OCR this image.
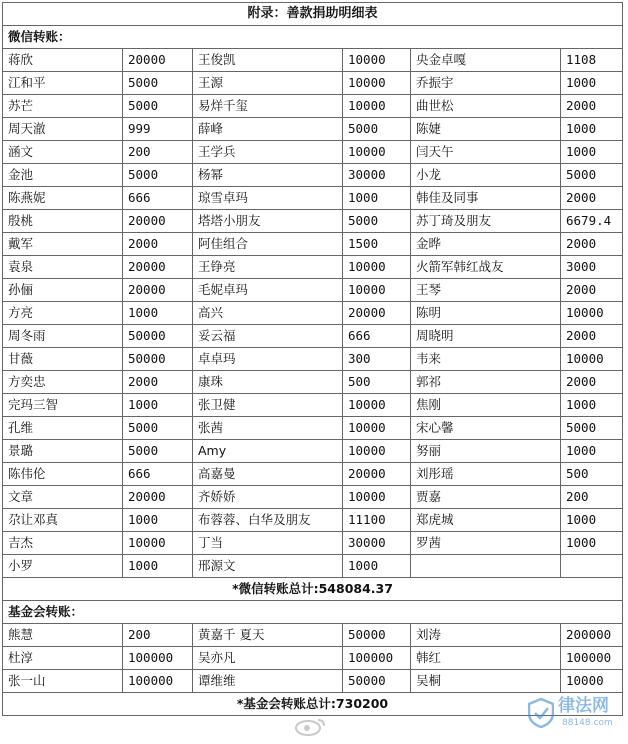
附录：善款捐助明细表					
微信转账：					
蒋欣	20000	王俊凯	10000	央金卓嘎	1108
江和平	5000	王源	10000	乔振宇	1000
苏芒	5000	易烊千玺	10000	曲世松	2000
周天澈	999	薛峰	5000	陈婕	1000
涵文	200	王学兵	10000	闫天午	1000
金池	5000	杨幂	30000	小龙	5000
陈燕妮	666	琼雪卓玛	1000	韩佳及同事	2000
殷桃	20000	塔塔小朋友	5000	苏丁琦及朋友	6679.4
戴军	2000	阿佳组合	1500	金晔	2000
袁泉	20000	王铮亮	10000	火箭军韩红战友	3000
孙俪	20000	毛妮卓玛	10000	王琴	2000
方亮	1000	高兴	20000	陈明	10000
周冬雨	50000	妥云福	666	周晓明	2000
甘薇	50000	卓卓玛	300	韦来	10000
方奕忠	2000	康珠	500	郭祁	2000
完玛三智	1000	张卫健	10000	焦刚	1000
孔维	5000	张茜	10000	宋心馨	5000
景璐	5000	Amy	10000	努丽	1000
陈伟伦	666	高嘉曼	20000	刘彤瑶	500
文章	20000	齐娇娇	10000	贾嘉	200
尕让邓真	1000	布蓉蓉、白华及朋友	11100	郑虎城	1000
吉杰	10000	丁当	30000	罗茜	1000
小罗	1000	邢源文	1000		
*微信转账总计:548084.37					
基金会转账：					
熊慧	200	黄嘉千 夏天	50000	刘涛	200000
杜淳	100000	吴亦凡	100000	韩红	100000
张一山	100000	谭维维	50000	吴桐	10000
*基金会转账总计:730200						律法网
88148.com
